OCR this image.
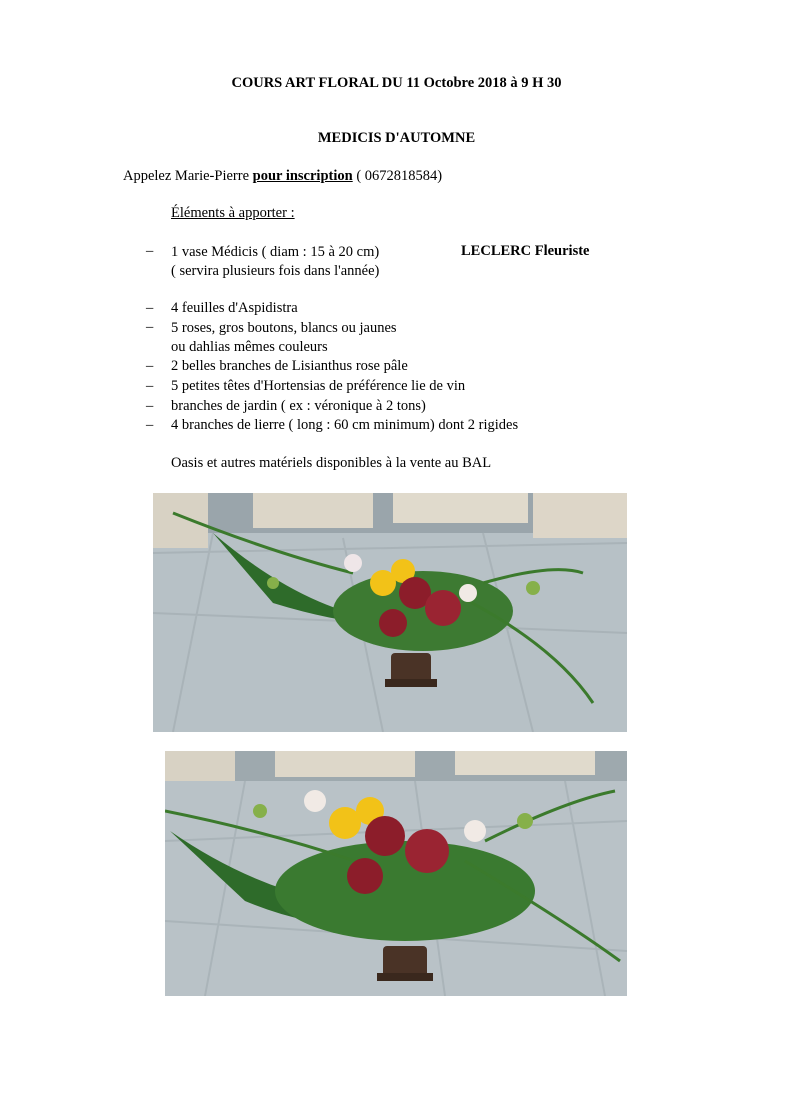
COURS ART FLORAL DU 11 Octobre 2018 à 9 H 30
MEDICIS D'AUTOMNE
Appelez Marie-Pierre pour inscription ( 0672818584)
Éléments à apporter :
– 1 vase Médicis ( diam : 15 à 20 cm)
( servira plusieurs fois dans l'année)
LECLERC Fleuriste
– 4 feuilles d'Aspidistra
– 5 roses, gros boutons, blancs ou jaunes
ou dahlias mêmes couleurs
– 2 belles branches de Lisianthus rose pâle
– 5 petites têtes d'Hortensias de préférence lie de vin
– branches de jardin ( ex : véronique à 2 tons)
– 4 branches de lierre ( long : 60 cm minimum) dont 2 rigides
Oasis et autres matériels disponibles à la vente au BAL
